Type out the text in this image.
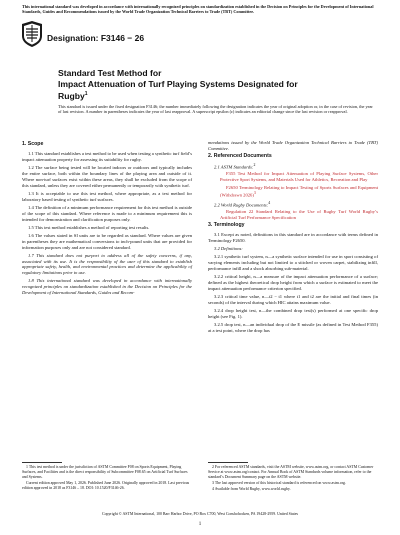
This international standard was developed in accordance with internationally recognized principles on standardization established in the Decision on Principles for the Development of International Standards, Guides and Recommendations issued by the World Trade Organization Technical Barriers to Trade (TBT) Committee.
Designation: F3146 − 26
Standard Test Method for
Impact Attenuation of Turf Playing Systems Designated for
Rugby$^1$
This standard is issued under the fixed designation F3146; the number immediately following the designation indicates the year of original adoption or, in the case of revision, the year of last revision. A number in parentheses indicates the year of last reapproval. A superscript epsilon (ε) indicates an editorial change since the last revision or reapproval.
1. Scope

1.1 This standard establishes a test method to be used when testing a synthetic turf field’s impact attenuation property for assessing its suitability for rugby.

1.2 The surface being tested will be located indoors or outdoors and typically includes the entire surface, both within the boundary lines of the playing area and outside of it. Where non-turf surfaces exist within these areas, they shall be excluded from the scope of this standard, unless they are covered either permanently or temporarily with synthetic turf.

1.3 It is acceptable to use this test method, where appropriate, as a test method for laboratory based testing of synthetic turf surfaces.

1.4 The definition of a minimum performance requirement for this test method is outside of the scope of this standard. Where reference is made to a minimum requirement this is intended for demonstration and clarification purposes only.

1.5 This test method establishes a method of reporting test results.

1.6 The values stated in SI units are to be regarded as standard. Where values are given in parentheses they are mathematical conversions to inch-pound units that are provided for information purposes only and are not considered standard.

1.7 This standard does not purport to address all of the safety concerns, if any, associated with its use. It is the responsibility of the user of this standard to establish appropriate safety, health, and environmental practices and determine the applicability of regulatory limitations prior to use.

1.8 This international standard was developed in accordance with internationally recognized principles on standardization established in the Decision on Principles for the Development of International Standards, Guides and Recom-

mendations issued by the World Trade Organization Technical Barriers to Trade (TBT) Committee.

2. Referenced Documents

2.1 ASTM Standards:$^2$

F355 Test Method for Impact Attenuation of Playing Surface Systems, Other Protective Sport Systems, and Materials Used for Athletics, Recreation and Play

F2650 Terminology Relating to Impact Testing of Sports Surfaces and Equipment (Withdrawn 2026)$^3$

2.2 World Rugby Documents:$^4$

Regulation 22 Standard Relating to the Use of Rugby Turf World Rugby’s Artificial Turf Performance Specification

3. Terminology

3.1 Except as noted, definitions in this standard are in accordance with terms defined in Terminology F2650.

3.2 Definitions:

3.2.1 synthetic turf system, n—a synthetic surface intended for use in sport consisting of varying elements including but not limited to a stitched or woven carpet, stabilizing infill, performance infill and a shock absorbing sub-material.

3.2.2 critical height, n—a measure of the impact attenuation performance of a surface; defined as the highest theoretical drop height from which a surface is estimated to meet the impact attenuation performance criterion specified.

3.2.3 critical time value, n—t2 − t1 where t1 and t2 are the initial and final times (in seconds) of the interval during which HIC attains maximum value.

3.2.4 drop height test, n—the combined drop test(s) performed at one specific drop height (see Fig. 1).

3.2.5 drop test, n—an individual drop of the E missile (as defined in Test Method F355) at a test point, where the drop has

1 This test method is under the jurisdiction of ASTM Committee F08 on Sports Equipment, Playing Surfaces, and Facilities and is the direct responsibility of Subcommittee F08.65 on Artificial Turf Surfaces and Systems.

Current edition approved May 1, 2026. Published June 2026. Originally approved in 2018. Last previous edition approved in 2018 as F3146 – 18. DOI: 10.1520/F3146-26.

2 For referenced ASTM standards, visit the ASTM website, www.astm.org, or contact ASTM Customer Service at www.astm.org/contact. For Annual Book of ASTM Standards volume information, refer to the standard’s Document Summary page on the ASTM website.

3 The last approved version of this historical standard is referenced on www.astm.org.

4 Available from World Rugby, www.world.rugby.

Copyright © ASTM International, 100 Barr Harbor Drive, PO Box C700, West Conshohocken, PA 19428-2959. United States
1
